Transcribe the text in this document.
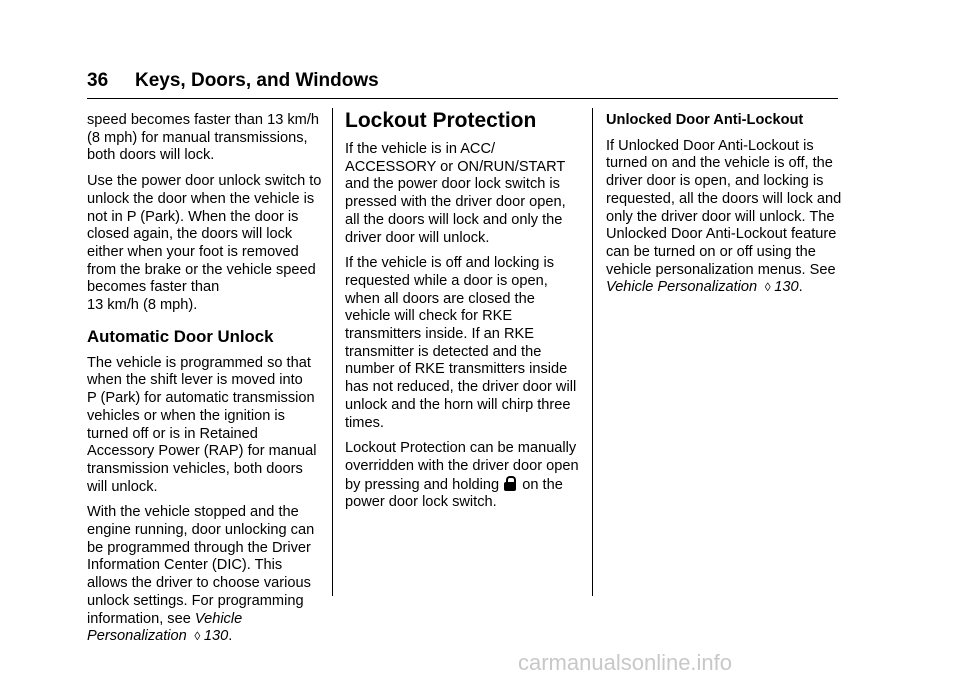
36 Keys, Doors, and Windows

speed becomes faster than 13 km/h
(8 mph) for manual transmissions,
both doors will lock.

Use the power door unlock switch to
unlock the door when the vehicle is
not in P (Park). When the door is
closed again, the doors will lock
either when your foot is removed
from the brake or the vehicle speed
becomes faster than
13 km/h (8 mph).

Automatic Door Unlock

The vehicle is programmed so that
when the shift lever is moved into
P (Park) for automatic transmission
vehicles or when the ignition is
turned off or is in Retained
Accessory Power (RAP) for manual
transmission vehicles, both doors
will unlock.

With the vehicle stopped and the
engine running, door unlocking can
be programmed through the Driver
Information Center (DIC). This
allows the driver to choose various
unlock settings. For programming
information, see Vehicle
Personalization ◊ 130.

Lockout Protection

If the vehicle is in ACC/
ACCESSORY or ON/RUN/START
and the power door lock switch is
pressed with the driver door open,
all the doors will lock and only the
driver door will unlock.

If the vehicle is off and locking is
requested while a door is open,
when all doors are closed the
vehicle will check for RKE
transmitters inside. If an RKE
transmitter is detected and the
number of RKE transmitters inside
has not reduced, the driver door will
unlock and the horn will chirp three
times.

Lockout Protection can be manually
overridden with the driver door open
by pressing and holding
on the
power door lock switch.

Unlocked Door Anti-Lockout

If Unlocked Door Anti-Lockout is
turned on and the vehicle is off, the
driver door is open, and locking is
requested, all the doors will lock and
only the driver door will unlock. The
Unlocked Door Anti-Lockout feature
can be turned on or off using the
vehicle personalization menus. See
Vehicle Personalization ◊ 130.

carmanualsonline.info
